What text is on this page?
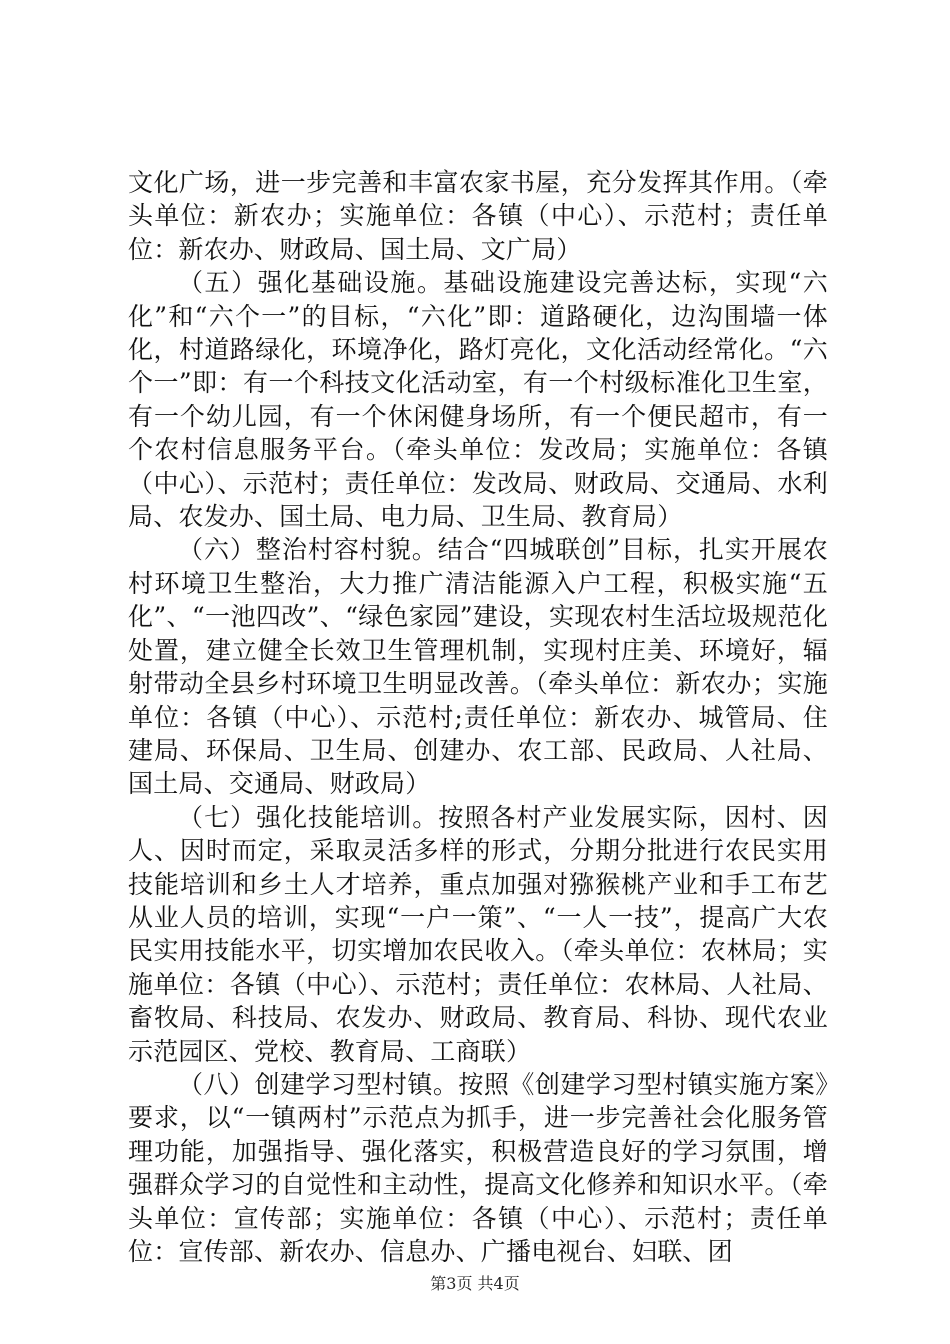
文化广场，进一步完善和丰富农家书屋，充分发挥其作用。（牵头单位：新农办；实施单位：各镇（中心）、示范村；责任单位：新农办、财政局、国土局、文广局）

（五）强化基础设施。基础设施建设完善达标，实现“六化”和“六个一”的目标，“六化”即：道路硬化，边沟围墙一体化，村道路绿化，环境净化，路灯亮化，文化活动经常化。“六个一”即：有一个科技文化活动室，有一个村级标准化卫生室，有一个幼儿园，有一个休闲健身场所，有一个便民超市，有一个农村信息服务平台。（牵头单位：发改局；实施单位：各镇（中心）、示范村；责任单位：发改局、财政局、交通局、水利局、农发办、国土局、电力局、卫生局、教育局）

（六）整治村容村貌。结合“四城联创”目标，扎实开展农村环境卫生整治，大力推广清洁能源入户工程，积极实施“五化”、“一池四改”、“绿色家园”建设，实现农村生活垃圾规范化处置，建立健全长效卫生管理机制，实现村庄美、环境好，辐射带动全县乡村环境卫生明显改善。（牵头单位：新农办；实施单位：各镇（中心）、示范村;责任单位：新农办、城管局、住建局、环保局、卫生局、创建办、农工部、民政局、人社局、国土局、交通局、财政局）

（七）强化技能培训。按照各村产业发展实际，因村、因人、因时而定，采取灵活多样的形式，分期分批进行农民实用技能培训和乡土人才培养，重点加强对猕猴桃产业和手工布艺从业人员的培训，实现“一户一策”、“一人一技”，提高广大农民实用技能水平，切实增加农民收入。（牵头单位：农林局；实施单位：各镇（中心）、示范村；责任单位：农林局、人社局、畜牧局、科技局、农发办、财政局、教育局、科协、现代农业示范园区、党校、教育局、工商联）

（八）创建学习型村镇。按照《创建学习型村镇实施方案》要求，以“一镇两村”示范点为抓手，进一步完善社会化服务管理功能，加强指导、强化落实，积极营造良好的学习氛围，增强群众学习的自觉性和主动性，提高文化修养和知识水平。（牵头单位：宣传部；实施单位：各镇（中心）、示范村；责任单位：宣传部、新农办、信息办、广播电视台、妇联、团

第3页 共4页
